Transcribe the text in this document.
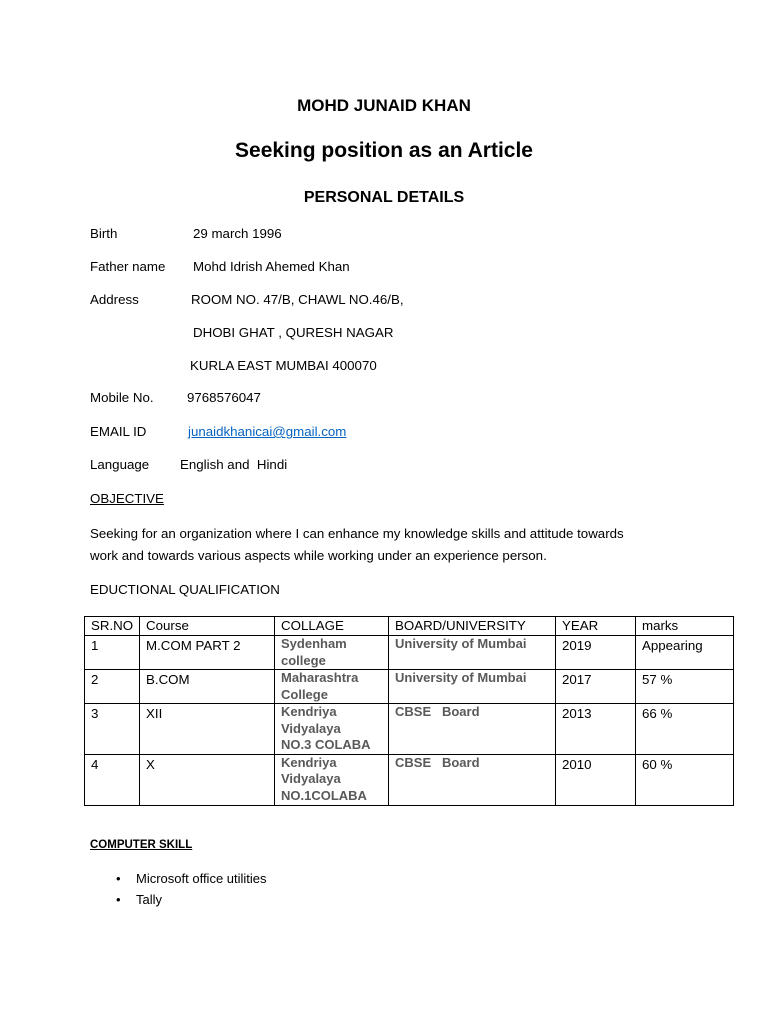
MOHD JUNAID KHAN
Seeking position as an Article
PERSONAL DETAILS
Birth	29 march 1996
Father name Mohd Idrish Ahemed Khan
Address	ROOM NO. 47/B, CHAWL NO.46/B,
DHOBI GHAT , QURESH NAGAR
KURLA EAST MUMBAI 400070
Mobile No.	9768576047
EMAIL ID	junaidkhanicai@gmail.com
Language English and  Hindi
OBJECTIVE
Seeking for an organization where I can enhance my knowledge skills and attitude towards
work and towards various aspects while working under an experience person.
EDUCTIONAL QUALIFICATION
SR.NO	Course	COLLAGE	BOARD/UNIVERSITY	YEAR	marks
1	M.COM PART 2	Sydenham
college	University of Mumbai	2019	Appearing
2	B.COM	Maharashtra
College	University of Mumbai	2017	57 %
3	XII	Kendriya
Vidyalaya
NO.3 COLABA	CBSE   Board	2013	66 %
4	X	Kendriya
Vidyalaya
NO.1COLABA	CBSE   Board	2010	60 %
COMPUTER SKILL
• Microsoft office utilities
• Tally
